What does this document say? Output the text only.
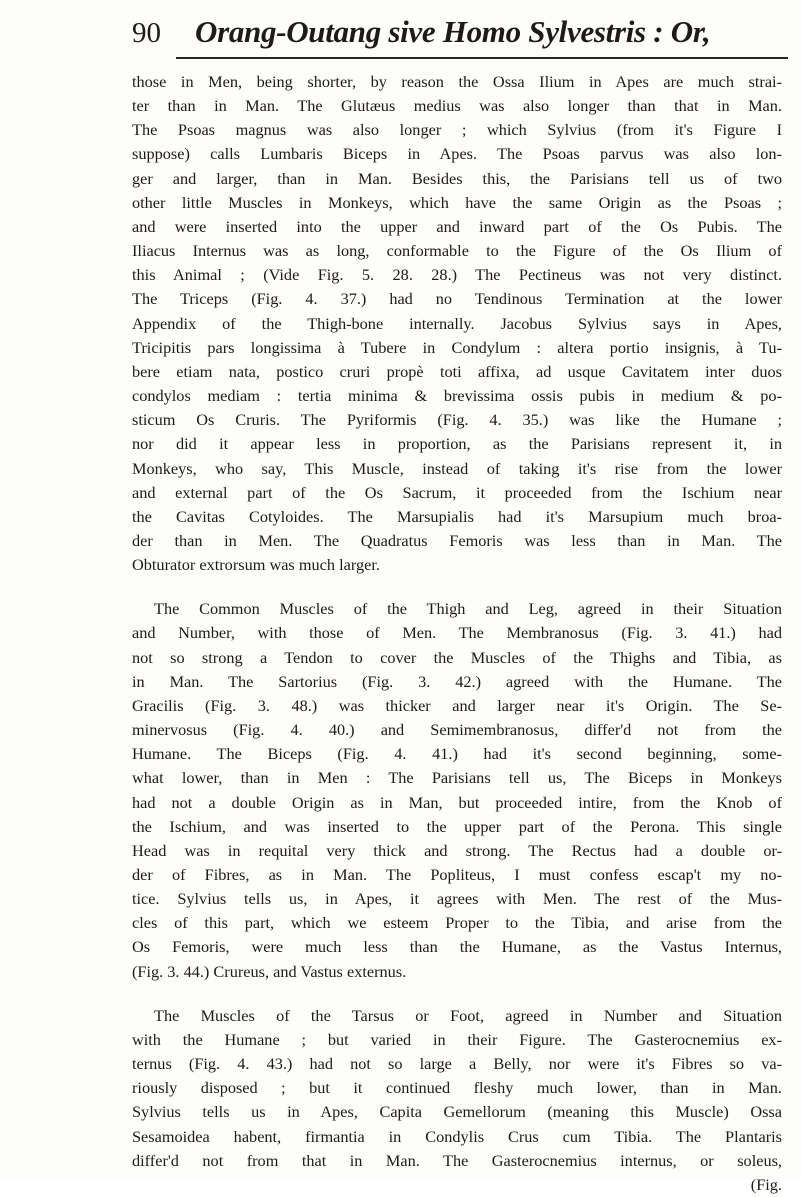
90 Orang-Outang sive Homo Sylvestris : Or,
those in Men, being shorter, by reason the Ossa Ilium in Apes are much strai-
ter than in Man. The Glutæus medius was also longer than that in Man.
The Psoas magnus was also longer ; which Sylvius (from it's Figure I
suppose) calls Lumbaris Biceps in Apes. The Psoas parvus was also lon-
ger and larger, than in Man. Besides this, the Parisians tell us of two
other little Muscles in Monkeys, which have the same Origin as the Psoas ;
and were inserted into the upper and inward part of the Os Pubis. The
Iliacus Internus was as long, conformable to the Figure of the Os Ilium of
this Animal ; (Vide Fig. 5. 28. 28.) The Pectineus was not very distinct.
The Triceps (Fig. 4. 37.) had no Tendinous Termination at the lower
Appendix of the Thigh-bone internally. Jacobus Sylvius says in Apes,
Tricipitis pars longissima à Tubere in Condylum : altera portio insignis, à Tu-
bere etiam nata, postico cruri propè toti affixa, ad usque Cavitatem inter duos
condylos mediam : tertia minima & brevissima ossis pubis in medium & po-
sticum Os Cruris. The Pyriformis (Fig. 4. 35.) was like the Humane ;
nor did it appear less in proportion, as the Parisians represent it, in
Monkeys, who say, This Muscle, instead of taking it's rise from the lower
and external part of the Os Sacrum, it proceeded from the Ischium near
the Cavitas Cotyloides. The Marsupialis had it's Marsupium much broa-
der than in Men. The Quadratus Femoris was less than in Man. The
Obturator extrorsum was much larger.
The Common Muscles of the Thigh and Leg, agreed in their Situation
and Number, with those of Men. The Membranosus (Fig. 3. 41.) had
not so strong a Tendon to cover the Muscles of the Thighs and Tibia, as
in Man. The Sartorius (Fig. 3. 42.) agreed with the Humane. The
Gracilis (Fig. 3. 48.) was thicker and larger near it's Origin. The Se-
minervosus (Fig. 4. 40.) and Semimembranosus, differ'd not from the
Humane. The Biceps (Fig. 4. 41.) had it's second beginning, some-
what lower, than in Men : The Parisians tell us, The Biceps in Monkeys
had not a double Origin as in Man, but proceeded intire, from the Knob of
the Ischium, and was inserted to the upper part of the Perona. This single
Head was in requital very thick and strong. The Rectus had a double or-
der of Fibres, as in Man. The Popliteus, I must confess escap't my no-
tice. Sylvius tells us, in Apes, it agrees with Men. The rest of the Mus-
cles of this part, which we esteem Proper to the Tibia, and arise from the
Os Femoris, were much less than the Humane, as the Vastus Internus,
(Fig. 3. 44.) Crureus, and Vastus externus.
The Muscles of the Tarsus or Foot, agreed in Number and Situation
with the Humane ; but varied in their Figure. The Gasterocnemius ex-
ternus (Fig. 4. 43.) had not so large a Belly, nor were it's Fibres so va-
riously disposed ; but it continued fleshy much lower, than in Man.
Sylvius tells us in Apes, Capita Gemellorum (meaning this Muscle) Ossa
Sesamoidea habent, firmantia in Condylis Crus cum Tibia. The Plantaris
differ'd not from that in Man. The Gasterocnemius internus, or soleus,
(Fig.
